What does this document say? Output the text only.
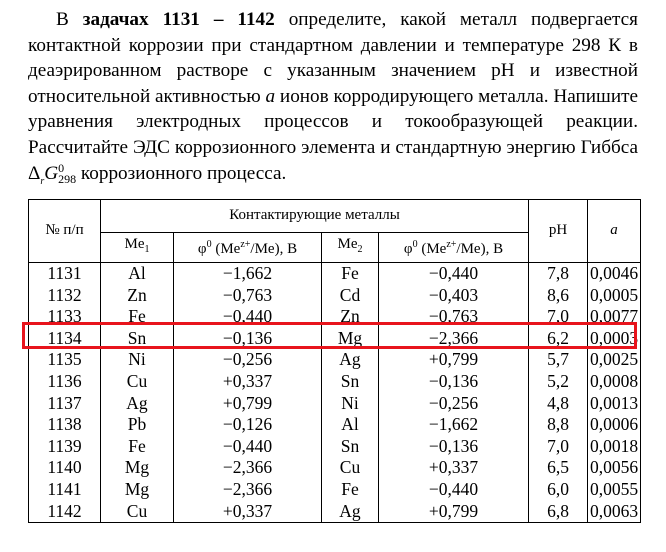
В задачах 1131 – 1142 определите, какой металл подвергается контактной коррозии при стандартном давлении и температуре 298 К в деаэрированном растворе с указанным значением pH и известной относительной активностью a ионов корродирующего металла. Напишите уравнения электродных процессов и токообразующей реакции. Рассчитайте ЭДС коррозионного элемента и стандартную энергию Гиббса $\Delta_rG$ 0
298 коррозионного процесса.

№ п/п	Контактирующие металлы				pH	a
	$Me_1$	$\varphi^0$ $(Me^{z+}/Me)$, В	$Me_2$	$\varphi^0$ $(Me^{z+}/Me)$, В		
1131	Al	−1,662	Fe	−0,440	7,8	0,0046
1132	Zn	−0,763	Cd	−0,403	8,6	0,0005
1133	Fe	−0,440	Zn	−0,763	7,0	0,0077
1134	Sn	−0,136	Mg	−2,366	6,2	0,0003
1135	Ni	−0,256	Ag	+0,799	5,7	0,0025
1136	Cu	+0,337	Sn	−0,136	5,2	0,0008
1137	Ag	+0,799	Ni	−0,256	4,8	0,0013
1138	Pb	−0,126	Al	−1,662	8,8	0,0006
1139	Fe	−0,440	Sn	−0,136	7,0	0,0018
1140	Mg	−2,366	Cu	+0,337	6,5	0,0056
1141	Mg	−2,366	Fe	−0,440	6,0	0,0055
1142	Cu	+0,337	Ag	+0,799	6,8	0,0063
